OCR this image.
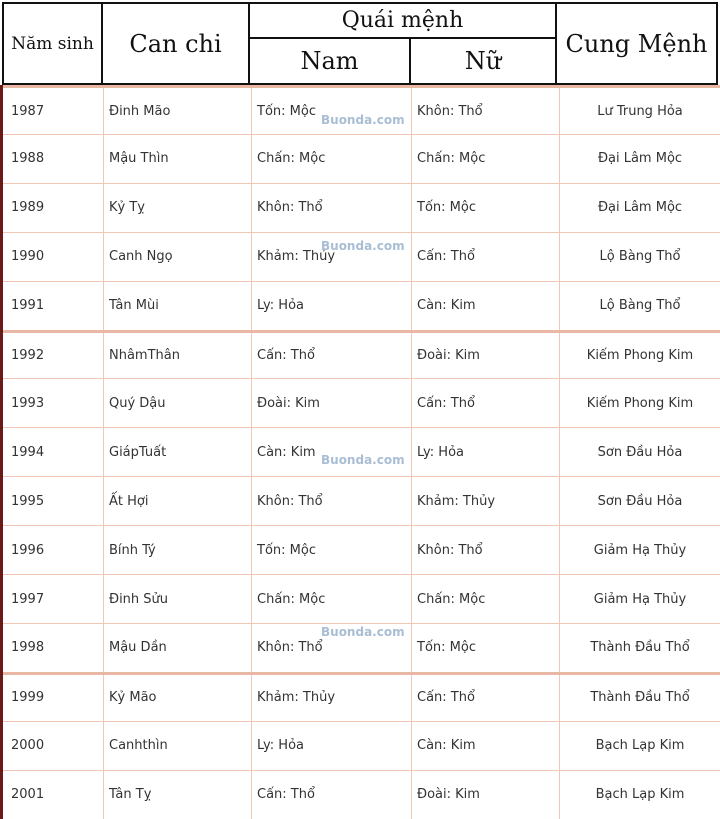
Năm sinh	Can chi
Quái mệnh
Nam	Nữ
Cung Mệnh
1987	Đinh Mão	Tốn: Mộc	Khôn: Thổ	Lư Trung Hỏa
1988	Mậu Thìn	Chấn: Mộc	Chấn: Mộc	Đại Lâm Mộc
1989	Kỷ Tỵ	Khôn: Thổ	Tốn: Mộc	Đại Lâm Mộc
1990	Canh Ngọ	Khảm: Thủy	Cấn: Thổ	Lộ Bàng Thổ
1991	Tân Mùi	Ly: Hỏa	Càn: Kim	Lộ Bàng Thổ
1992	NhâmThân	Cấn: Thổ	Đoài: Kim	Kiếm Phong Kim
1993	Quý Dậu	Đoài: Kim	Cấn: Thổ	Kiếm Phong Kim
1994	GiápTuất	Càn: Kim	Ly: Hỏa	Sơn Đầu Hỏa
1995	Ất Hợi	Khôn: Thổ	Khảm: Thủy	Sơn Đầu Hỏa
1996	Bính Tý	Tốn: Mộc	Khôn: Thổ	Giảm Hạ Thủy
1997	Đinh Sửu	Chấn: Mộc	Chấn: Mộc	Giảm Hạ Thủy
1998	Mậu Dần	Khôn: Thổ	Tốn: Mộc	Thành Đầu Thổ
1999	Kỷ Mão	Khảm: Thủy	Cấn: Thổ	Thành Đầu Thổ
2000	Canhthìn	Ly: Hỏa	Càn: Kim	Bạch Lạp Kim
2001	Tân Tỵ	Cấn: Thổ	Đoài: Kim	Bạch Lạp Kim
Buonda.com
Buonda.com
Buonda.com
Buonda.com
